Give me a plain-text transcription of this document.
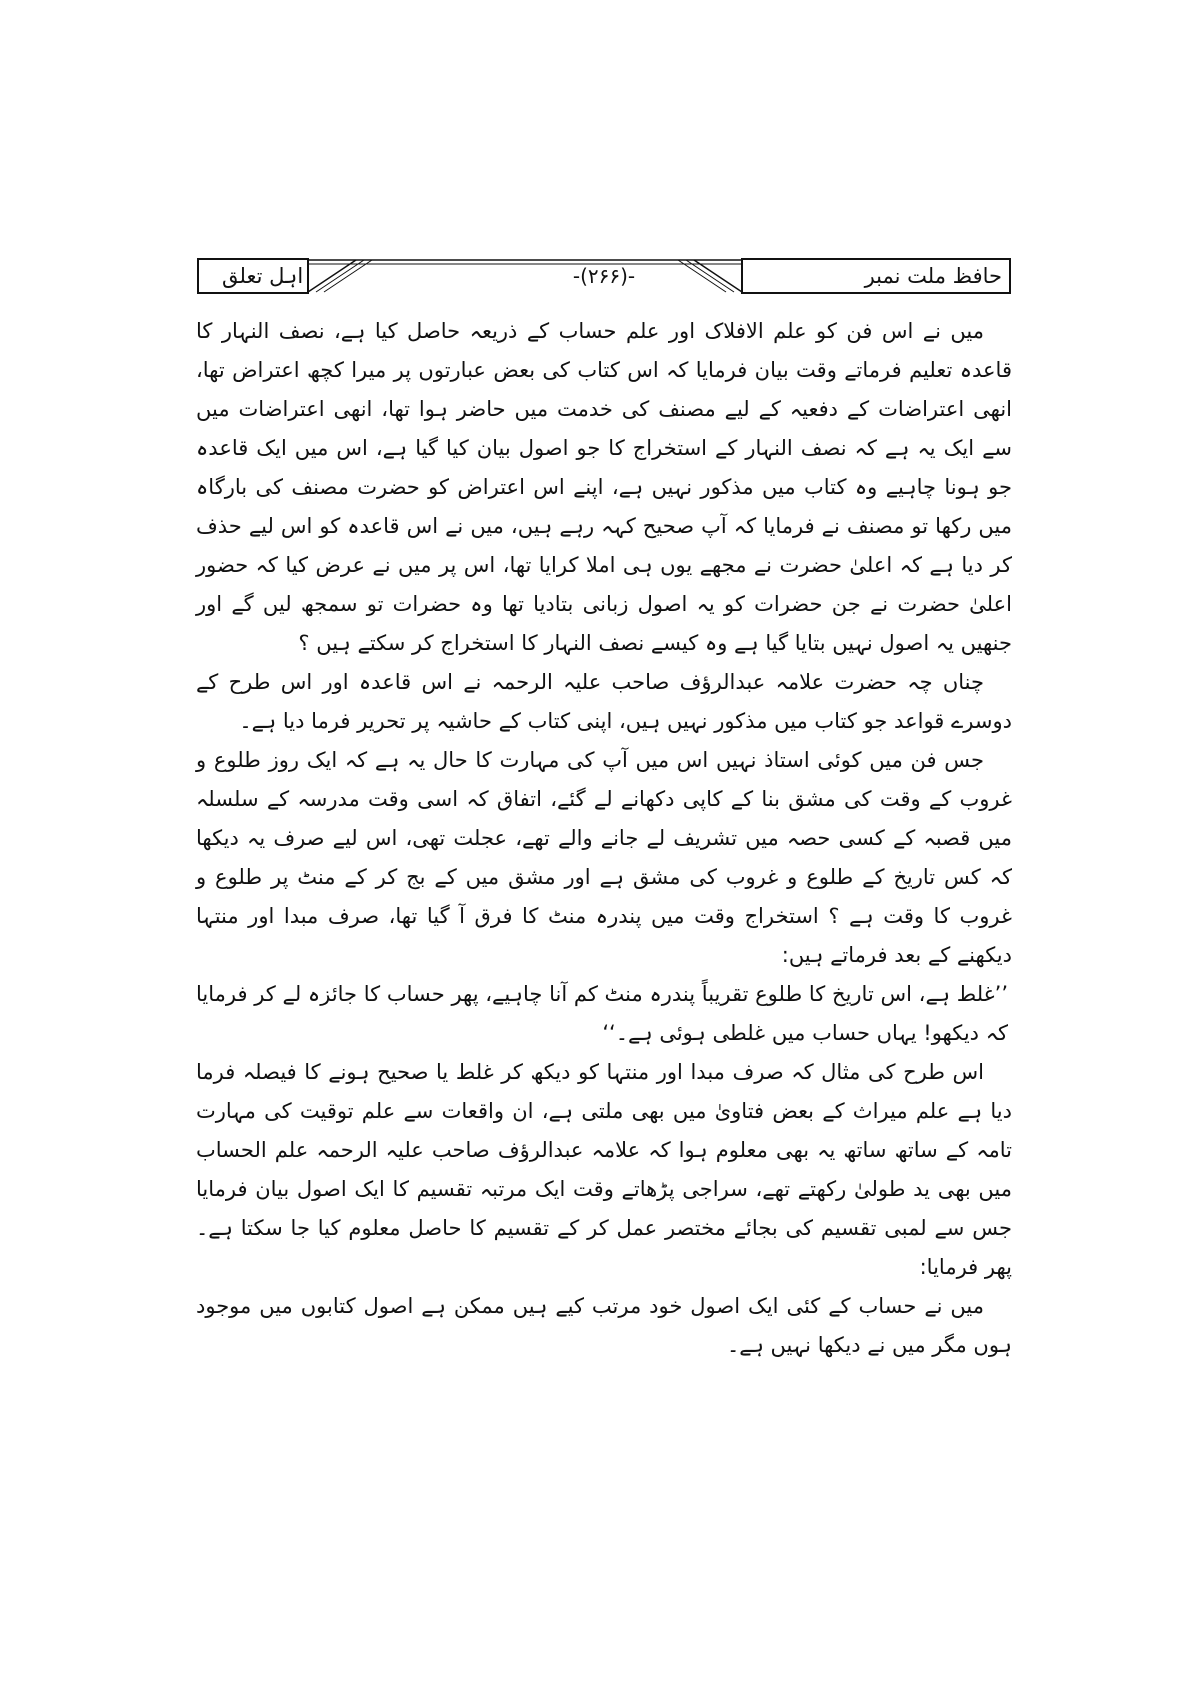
حافظ ملت نمبر
-(۲۶۶)-
اہل تعلق

میں نے اس فن کو علم الافلاک اور علم حساب کے ذریعہ حاصل کیا ہے، نصف النہار کا قاعدہ تعلیم فرماتے وقت بیان فرمایا کہ اس کتاب کی بعض عبارتوں پر میرا کچھ اعتراض تھا، انھی اعتراضات کے دفعیہ کے لیے مصنف کی خدمت میں حاضر ہوا تھا، انھی اعتراضات میں سے ایک یہ ہے کہ نصف النہار کے استخراج کا جو اصول بیان کیا گیا ہے، اس میں ایک قاعدہ جو ہونا چاہیے وہ کتاب میں مذکور نہیں ہے، اپنے اس اعتراض کو حضرت مصنف کی بارگاہ میں رکھا تو مصنف نے فرمایا کہ آپ صحیح کہہ رہے ہیں، میں نے اس قاعدہ کو اس لیے حذف کر دیا ہے کہ اعلیٰ حضرت نے مجھے یوں ہی املا کرایا تھا، اس پر میں نے عرض کیا کہ حضور اعلیٰ حضرت نے جن حضرات کو یہ اصول زبانی بتادیا تھا وہ حضرات تو سمجھ لیں گے اور جنھیں یہ اصول نہیں بتایا گیا ہے وہ کیسے نصف النہار کا استخراج کر سکتے ہیں ؟

چناں چہ حضرت علامہ عبدالرؤف صاحب علیہ الرحمہ نے اس قاعدہ اور اس طرح کے دوسرے قواعد جو کتاب میں مذکور نہیں ہیں، اپنی کتاب کے حاشیہ پر تحریر فرما دیا ہے۔

جس فن میں کوئی استاذ نہیں اس میں آپ کی مہارت کا حال یہ ہے کہ ایک روز طلوع و غروب کے وقت کی مشق بنا کے کاپی دکھانے لے گئے، اتفاق کہ اسی وقت مدرسہ کے سلسلہ میں قصبہ کے کسی حصہ میں تشریف لے جانے والے تھے، عجلت تھی، اس لیے صرف یہ دیکھا کہ کس تاریخ کے طلوع و غروب کی مشق ہے اور مشق میں کے بج کر کے منٹ پر طلوع و غروب کا وقت ہے ؟ استخراج وقت میں پندرہ منٹ کا فرق آ گیا تھا، صرف مبدا اور منتہا دیکھنے کے بعد فرماتے ہیں:

’’غلط ہے، اس تاریخ کا طلوع تقریباً پندرہ منٹ کم آنا چاہیے، پھر حساب کا جائزہ لے کر فرمایا کہ دیکھو! یہاں حساب میں غلطی ہوئی ہے۔‘‘

اس طرح کی مثال کہ صرف مبدا اور منتہا کو دیکھ کر غلط یا صحیح ہونے کا فیصلہ فرما دیا ہے علم میراث کے بعض فتاویٰ میں بھی ملتی ہے، ان واقعات سے علم توقیت کی مہارت تامہ کے ساتھ ساتھ یہ بھی معلوم ہوا کہ علامہ عبدالرؤف صاحب علیہ الرحمہ علم الحساب میں بھی ید طولیٰ رکھتے تھے، سراجی پڑھاتے وقت ایک مرتبہ تقسیم کا ایک اصول بیان فرمایا جس سے لمبی تقسیم کی بجائے مختصر عمل کر کے تقسیم کا حاصل معلوم کیا جا سکتا ہے۔ پھر فرمایا:

میں نے حساب کے کئی ایک اصول خود مرتب کیے ہیں ممکن ہے اصول کتابوں میں موجود ہوں مگر میں نے دیکھا نہیں ہے۔
